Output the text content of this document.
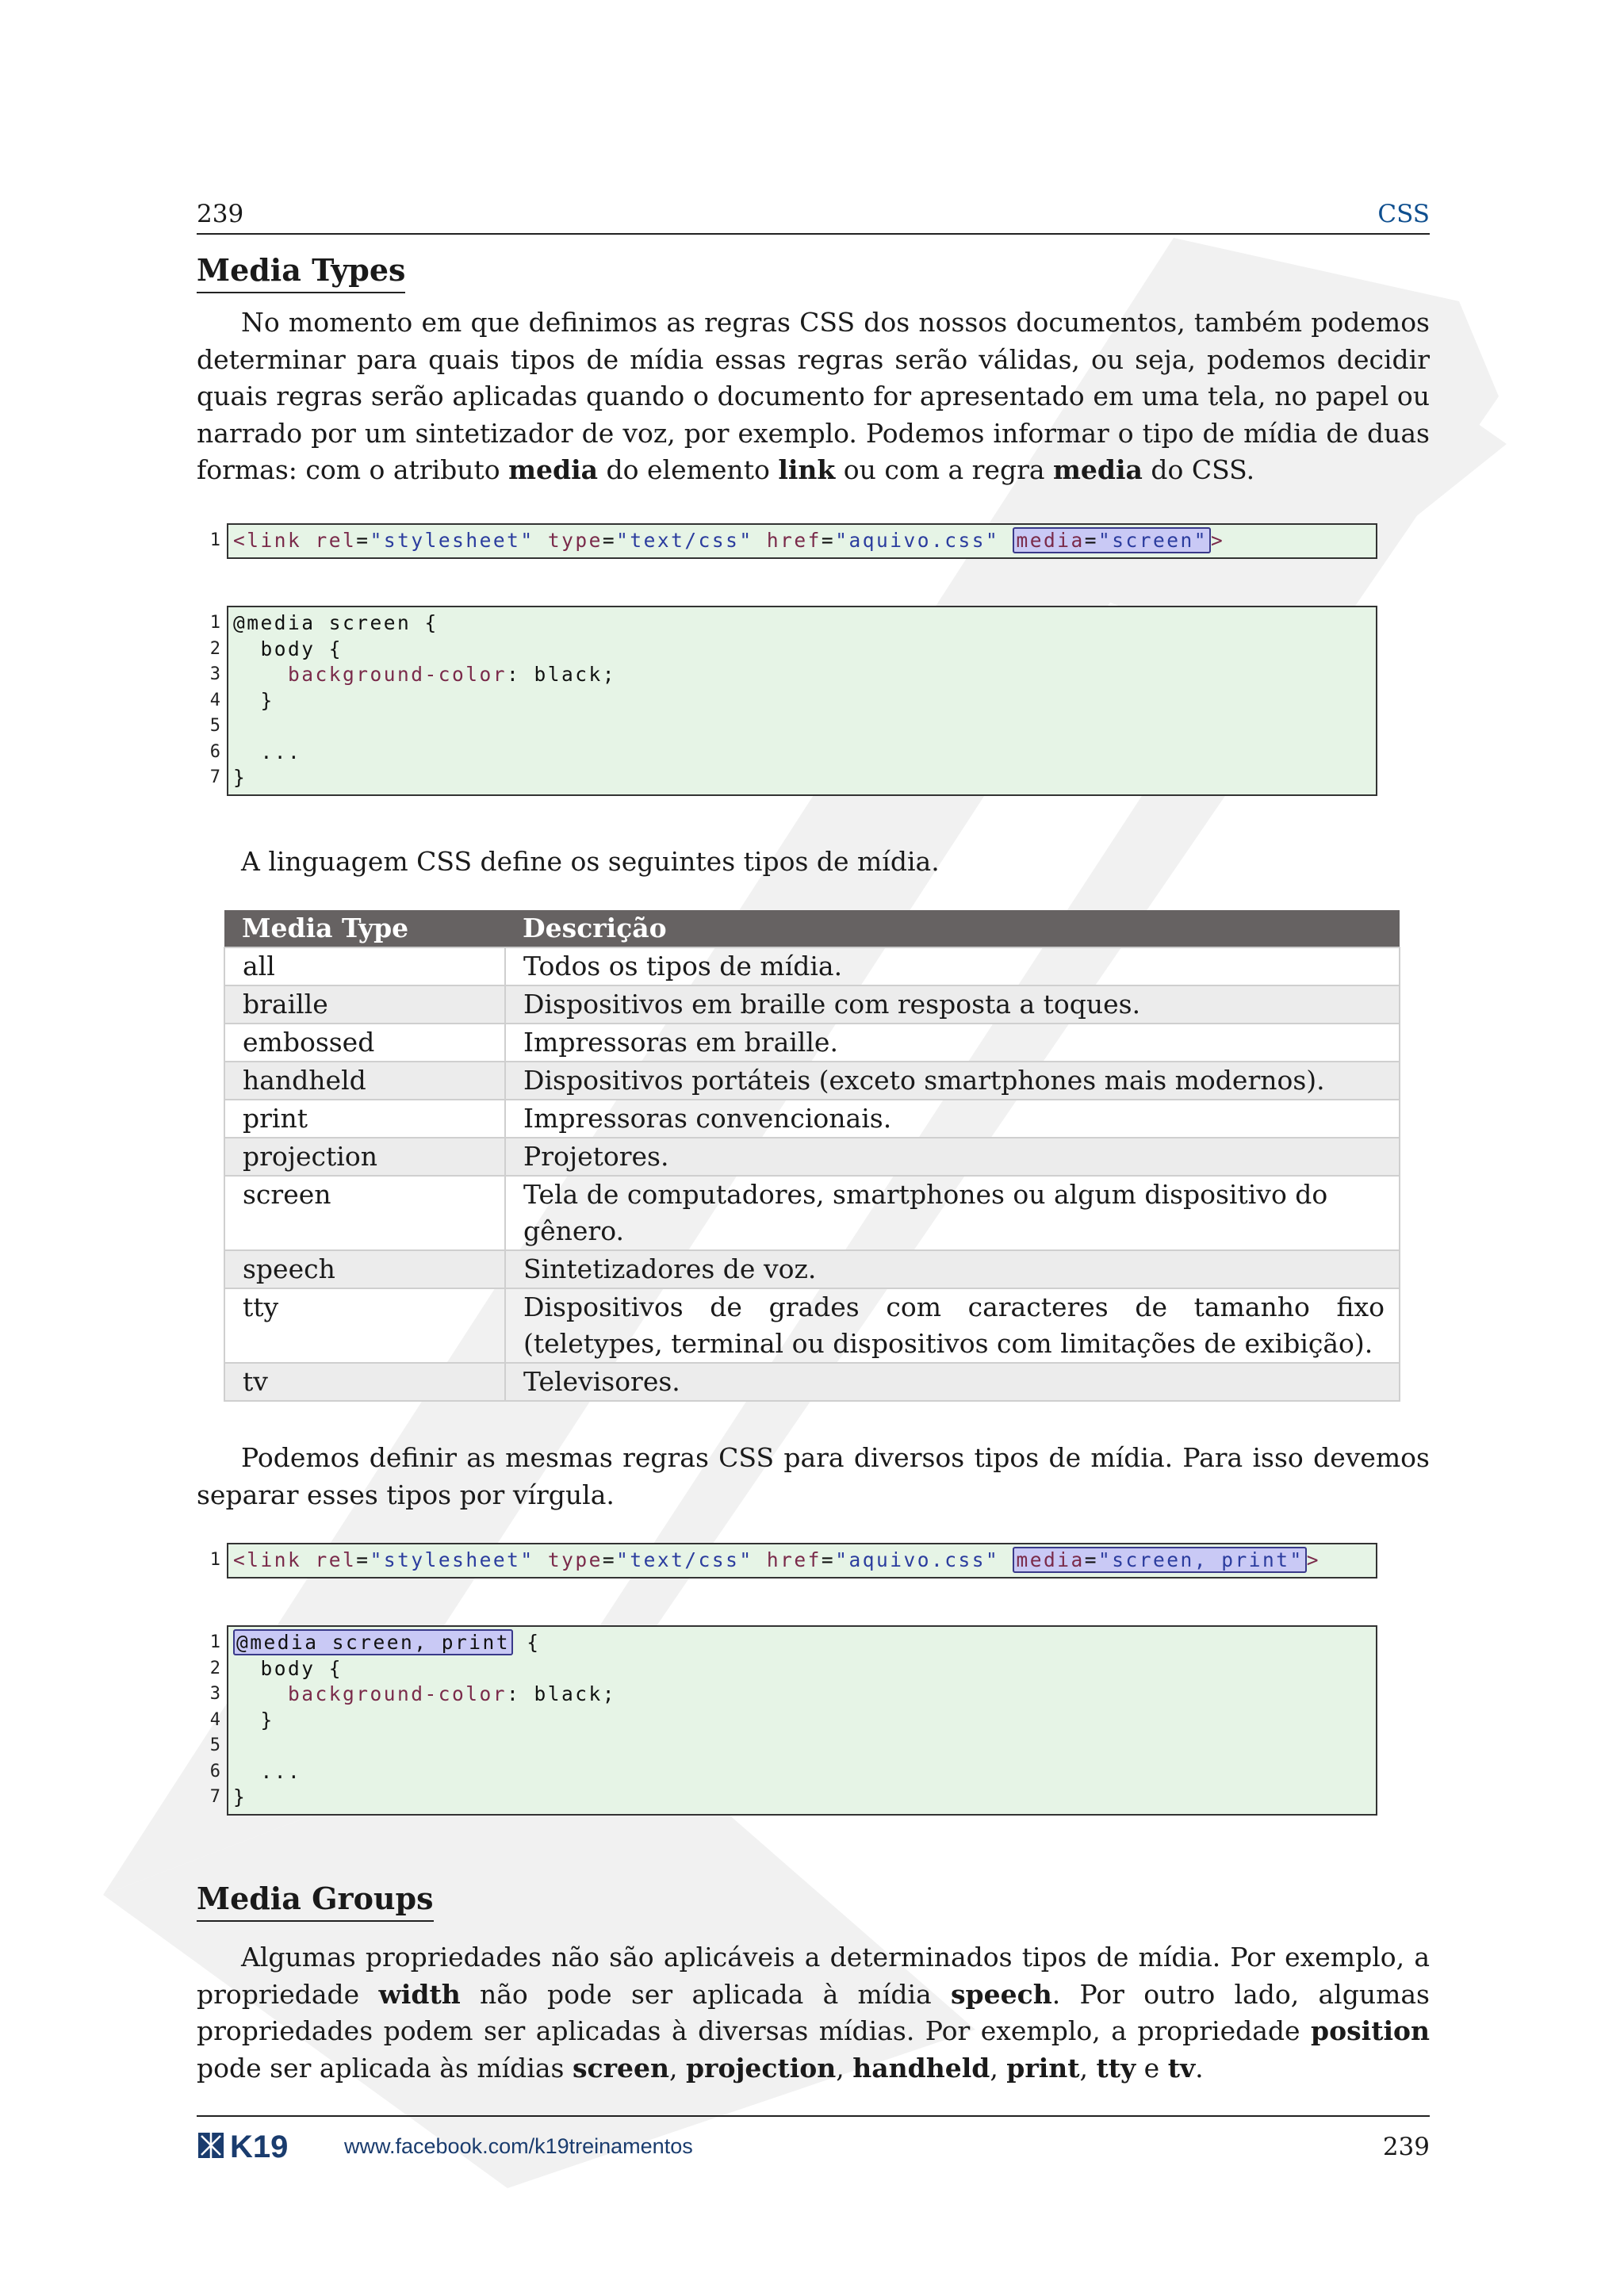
239	CSS
Media Types

No momento em que definimos as regras CSS dos nossos documentos, também podemos determinar para quais tipos de mídia essas regras serão válidas, ou seja, podemos decidir quais regras serão aplicadas quando o documento for apresentado em uma tela, no papel ou narrado por um sintetizador de voz, por exemplo. Podemos informar o tipo de mídia de duas formas: com o atributo media do elemento link ou com a regra media do CSS.

1 <link rel="stylesheet" type="text/css" href="aquivo.css" media="screen" >
1 @media screen {
2 body {
3	background-color: black;
4 }
5
6 ...
7 }

A linguagem CSS define os seguintes tipos de mídia.

Media Type	Descrição
all	Todos os tipos de mídia.
braille	Dispositivos em braille com resposta a toques.
embossed	Impressoras em braille.
handheld	Dispositivos portáteis (exceto smartphones mais modernos).
print	Impressoras convencionais.
projection	Projetores.
screen	Tela de computadores, smartphones ou algum dispositivo do gênero.
speech	Sintetizadores de voz.
tty	Dispositivos de grades com caracteres de tamanho fixo (teletypes, terminal ou dispositivos com limitações de exibição).
tv	Televisores.

Podemos definir as mesmas regras CSS para diversos tipos de mídia. Para isso devemos separar esses tipos por vírgula.

1 <link rel="stylesheet" type="text/css" href="aquivo.css" media="screen, print" >
1 @media screen, print {
2 body {
3	background-color: black;
4 }
5
6 ...
7 }
Media Groups

Algumas propriedades não são aplicáveis a determinados tipos de mídia. Por exemplo, a propriedade width não pode ser aplicada à mídia speech. Por outro lado, algumas propriedades podem ser aplicadas à diversas mídias. Por exemplo, a propriedade position pode ser aplicada às mídias screen, projection, handheld, print, tty e tv.

K19	www.facebook.com/k19treinamentos	239
